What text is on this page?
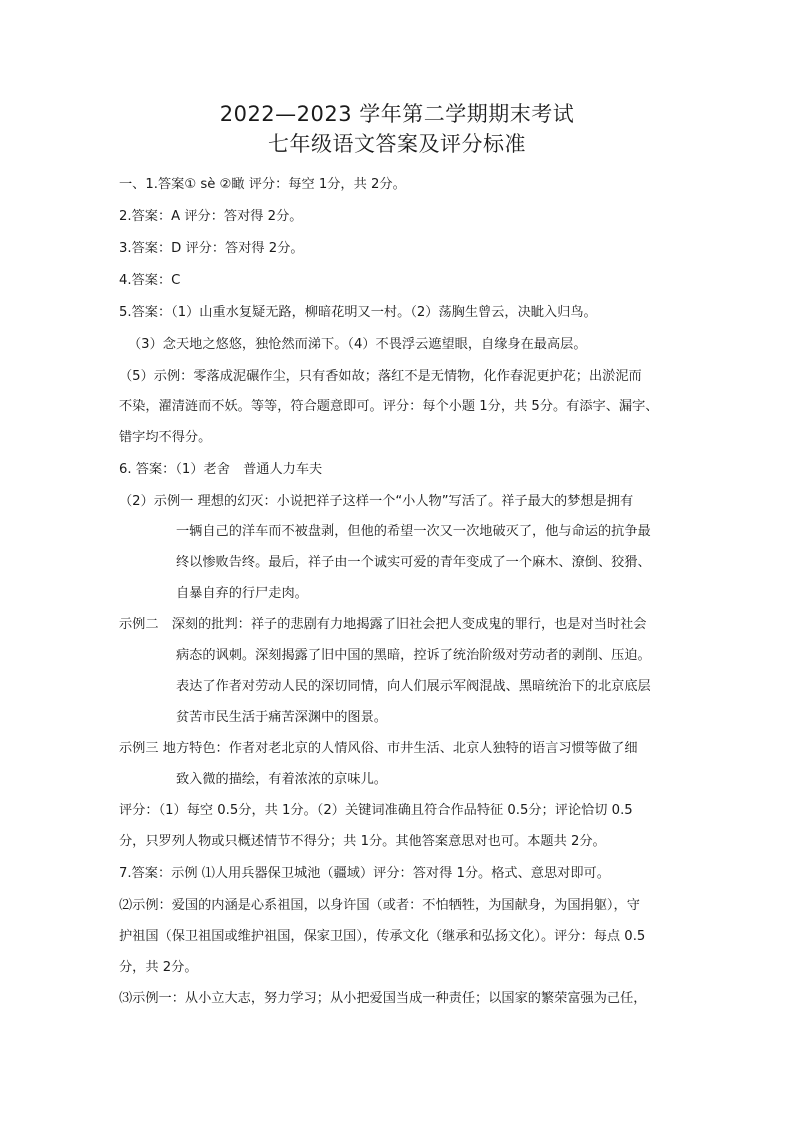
2022—2023 学年第二学期期末考试
七年级语文答案及评分标准
一、1.答案① sè ②瞰 评分：每空 1分，共 2分。
2.答案：A 评分：答对得 2分。
3.答案：D 评分：答对得 2分。
4.答案：C
5.答案：（1）山重水复疑无路，柳暗花明又一村。（2）荡胸生曾云，决眦入归鸟。
（3）念天地之悠悠，独怆然而涕下。（4）不畏浮云遮望眼，自缘身在最高层。
（5）示例：零落成泥碾作尘，只有香如故；落红不是无情物，化作春泥更护花；出淤泥而
不染，濯清涟而不妖。等等，符合题意即可。评分：每个小题 1分，共 5分。有添字、漏字、
错字均不得分。
6. 答案：（1）老舍　普通人力车夫
（2）示例一 理想的幻灭：小说把祥子这样一个“小人物”写活了。祥子最大的梦想是拥有
一辆自己的洋车而不被盘剥，但他的希望一次又一次地破灭了，他与命运的抗争最
终以惨败告终。最后，祥子由一个诚实可爱的青年变成了一个麻木、潦倒、狡猾、
自暴自弃的行尸走肉。
示例二　深刻的批判：祥子的悲剧有力地揭露了旧社会把人变成鬼的罪行，也是对当时社会
病态的讽刺。深刻揭露了旧中国的黑暗，控诉了统治阶级对劳动者的剥削、压迫。
表达了作者对劳动人民的深切同情，向人们展示军阀混战、黑暗统治下的北京底层
贫苦市民生活于痛苦深渊中的图景。
示例三 地方特色：作者对老北京的人情风俗、市井生活、北京人独特的语言习惯等做了细
致入微的描绘，有着浓浓的京味儿。
评分：（1）每空 0.5分，共 1分。（2）关键词准确且符合作品特征 0.5分；评论恰切 0.5
分，只罗列人物或只概述情节不得分；共 1分。其他答案意思对也可。本题共 2分。
7.答案：示例 ⑴人用兵器保卫城池（疆域）评分：答对得 1分。格式、意思对即可。
⑵示例：爱国的内涵是心系祖国，以身许国（或者：不怕牺牲，为国献身，为国捐躯），守
护祖国（保卫祖国或维护祖国，保家卫国），传承文化（继承和弘扬文化）。评分：每点 0.5
分，共 2分。
⑶示例一：从小立大志，努力学习；从小把爱国当成一种责任；以国家的繁荣富强为己任，
